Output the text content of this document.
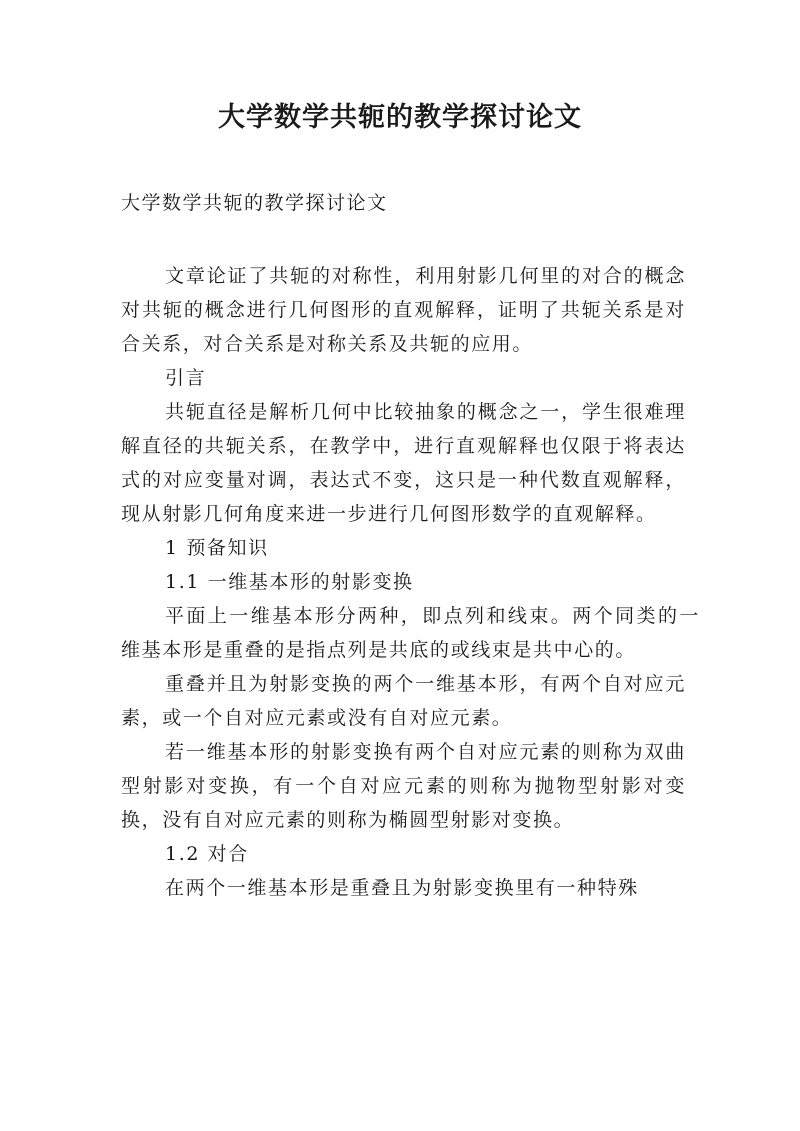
大学数学共轭的教学探讨论文
大学数学共轭的教学探讨论文

文章论证了共轭的对称性，利用射影几何里的对合的概念对共轭的概念进行几何图形的直观解释，证明了共轭关系是对合关系，对合关系是对称关系及共轭的应用。

引言

共轭直径是解析几何中比较抽象的概念之一，学生很难理解直径的共轭关系，在教学中，进行直观解释也仅限于将表达式的对应变量对调，表达式不变，这只是一种代数直观解释，现从射影几何角度来进一步进行几何图形数学的直观解释。

1 预备知识

1.1 一维基本形的射影变换

平面上一维基本形分两种，即点列和线束。两个同类的一维基本形是重叠的是指点列是共底的或线束是共中心的。

重叠并且为射影变换的两个一维基本形，有两个自对应元素，或一个自对应元素或没有自对应元素。

若一维基本形的射影变换有两个自对应元素的则称为双曲型射影对变换，有一个自对应元素的则称为抛物型射影对变换，没有自对应元素的则称为椭圆型射影对变换。

1.2 对合

在两个一维基本形是重叠且为射影变换里有一种特殊
